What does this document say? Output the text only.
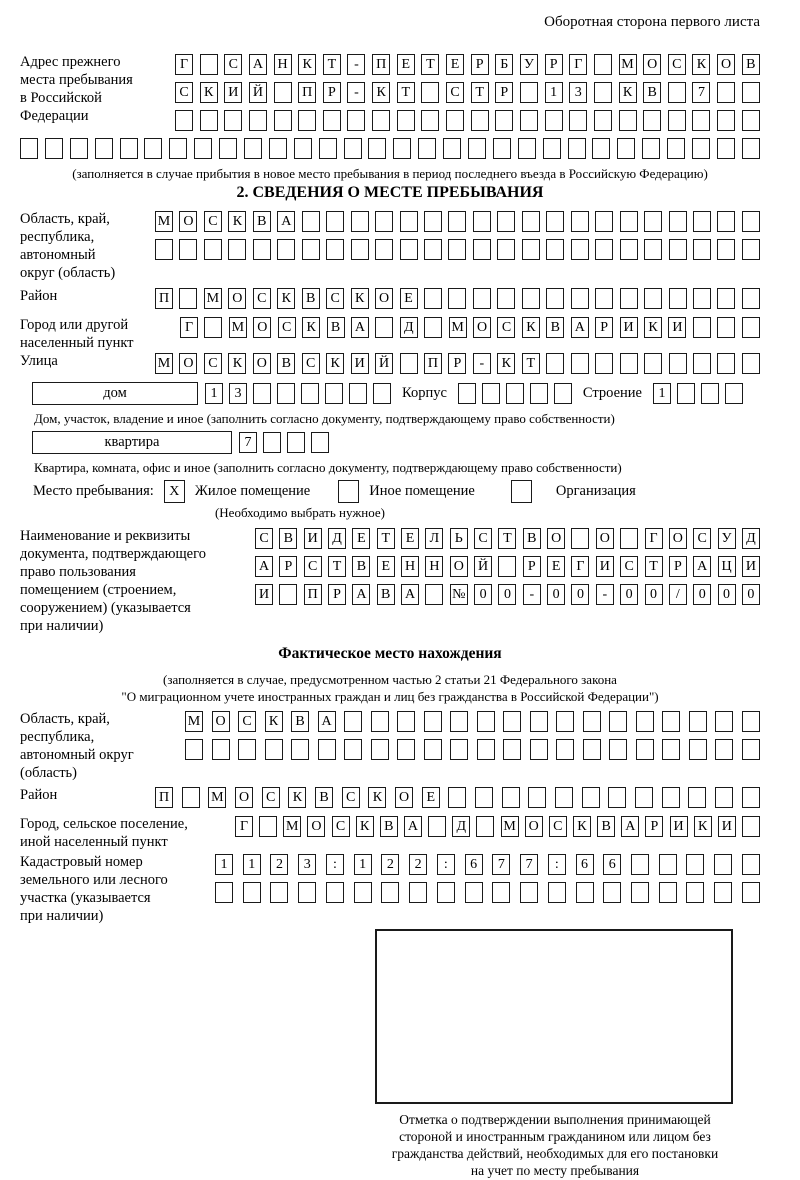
Оборотная сторона первого листа
Адрес прежнего
места пребывания
в Российской
Федерации
Г	С	А Н	К	Т	-	П	Е	Т	Е	Р	Б	У	Р	Г	М О	С	К	О	В
С	К	И Й	П	Р	-	К	Т	С	Т	Р	1	3	К	В	7
(заполняется в случае прибытия в новое место пребывания в период последнего въезда в Российскую Федерацию)
2. СВЕДЕНИЯ О МЕСТЕ ПРЕБЫВАНИЯ
Область, край,
республика,
автономный
округ (область)
М О	С	К	В	А
Район	П	М О	С	К	В	С	К	О	Е
Город или другой
населенный пункт
Г	М О	С	К	В	А	Д	М О	С	К	В	А	Р	И	К	И
Улица	М О	С	К	О	В	С	К	И Й	П	Р	-	К	Т
дом	1	3	Корпус	Строение	1
Дом, участок, владение и иное (заполнить согласно документу, подтверждающему право собственности)
квартира	7
Квартира, комната, офис и иное (заполнить согласно документу, подтверждающему право собственности)
Место пребывания:	X	Жилое помещение	Иное помещение	Организация
(Необходимо выбрать нужное)
Наименование и реквизиты
документа, подтверждающего
право пользования
помещением (строением,
сооружением) (указывается
при наличии)
С	В	И	Д	Е	Т	Е	Л	Ь	С	Т	В	О	О	Г	О	С	У	Д
А	Р	С	Т	В	Е	Н Н О Й	Р	Е	Г	И	С	Т	Р	А Ц И
И	П	Р	А	В	А	№	0	0	-	0	0	-	0	0	/	0	0	0
Фактическое место нахождения
(заполняется в случае, предусмотренном частью 2 статьи 21 Федерального закона
"О миграционном учете иностранных граждан и лиц без гражданства в Российской Федерации")
Область, край,
республика,
автономный округ
(область)
М О	С	К	В	А
Район	П	М О	С	К	В	С	К	О	Е
Город, сельское поселение,
иной населенный пункт
Г	М О	С	К	В	А	Д	М О	С	К	В	А	Р	И	К	И
Кадастровый номер
земельного или лесного
участка (указывается
при наличии)
1	1	2	3	:	1	2	2	:	6	7	7	:	6	6
Отметка о подтверждении выполнения принимающей
стороной и иностранным гражданином или лицом без
гражданства действий, необходимых для его постановки
на учет по месту пребывания
